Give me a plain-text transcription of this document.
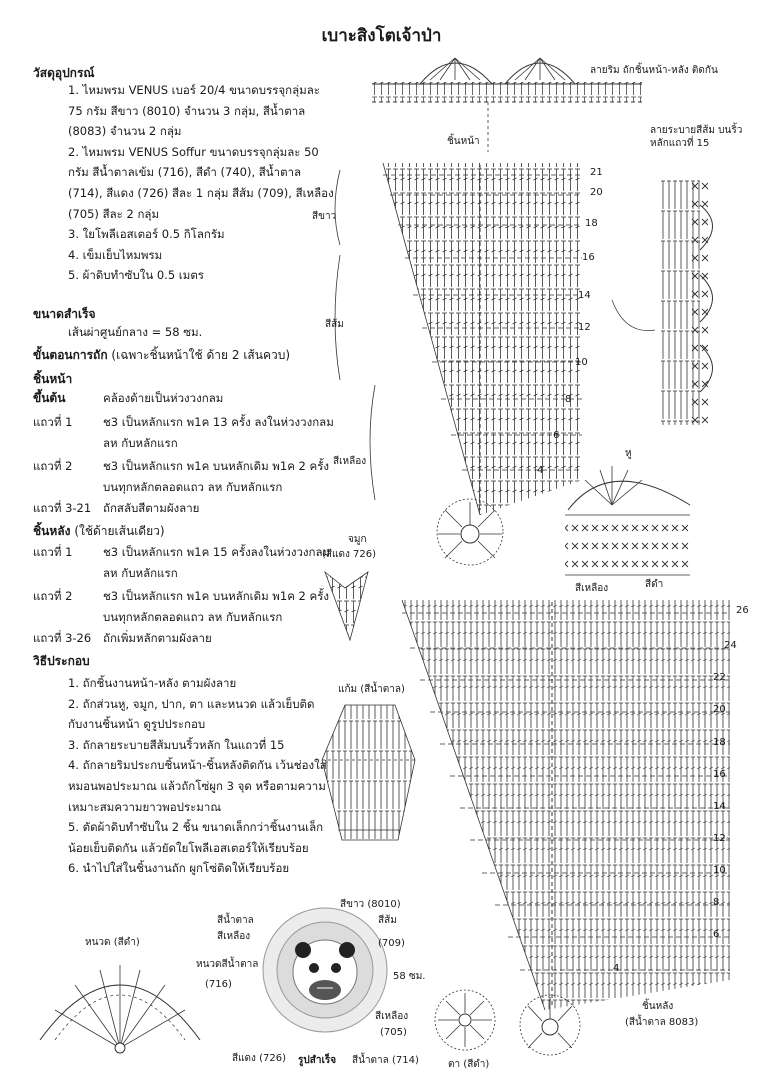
เบาะสิงโตเจ้าป่า
วัสดุอุปกรณ์
1. ไหมพรม VENUS เบอร์ 20/4 ขนาดบรรจุกลุ่มละ 75 กรัม สีขาว (8010) จำนวน 3 กลุ่ม, สีน้ำตาล (8083) จำนวน 2 กลุ่ม
2. ไหมพรม VENUS Soffur ขนาดบรรจุกลุ่มละ 50 กรัม สีน้ำตาลเข้ม (716), สีดำ (740), สีน้ำตาล (714), สีแดง (726) สีละ 1 กลุ่ม สีส้ม (709), สีเหลือง (705) สีละ 2 กลุ่ม
3. ใยโพลีเอสเตอร์ 0.5 กิโลกรัม
4. เข็มเย็บไหมพรม
5. ผ้าดิบทำซับใน 0.5 เมตร
ขนาดสำเร็จ
เส้นผ่าศูนย์กลาง = 58 ซม.
ขั้นตอนการถัก (เฉพาะชิ้นหน้าใช้ ด้าย 2 เส้นควบ)
ชิ้นหน้า
ขึ้นต้น	คล้องด้ายเป็นห่วงวงกลม
แถวที่ 1	ช3 เป็นหลักแรก พ1ค 13 ครั้ง ลงในห่วงวงกลม ลห กับหลักแรก
แถวที่ 2	ช3 เป็นหลักแรก พ1ค บนหลักเดิม พ1ค 2 ครั้งบนทุกหลักตลอดแถว ลห กับหลักแรก
แถวที่ 3-21	ถักสลับสีตามผังลาย
ชิ้นหลัง (ใช้ด้ายเส้นเดียว)
แถวที่ 1	ช3 เป็นหลักแรก พ1ค 15 ครั้งลงในห่วงวงกลม ลห กับหลักแรก
แถวที่ 2	ช3 เป็นหลักแรก พ1ค บนหลักเดิม พ1ค 2 ครั้ง บนทุกหลักตลอดแถว ลห กับหลักแรก
แถวที่ 3-26	ถักเพิ่มหลักตามผังลาย
วิธีประกอบ
1. ถักชิ้นงานหน้า-หลัง ตามผังลาย
2. ถักส่วนหู, จมูก, ปาก, ตา และหนวด แล้วเย็บติดกับงานชิ้นหน้า ดูรูปประกอบ
3. ถักลายระบายสีส้มบนริ้วหลัก ในแถวที่ 15
4. ถักลายริมประกบชิ้นหน้า-ชิ้นหลังติดกัน เว้นช่องใส่หมอนพอประมาณ แล้วถักโซ่ผูก 3 จุด หรือตามความเหมาะสมความยาวพอประมาณ
5. ตัดผ้าดิบทำซับใน 2 ชิ้น ขนาดเล็กกว่าชิ้นงานเล็กน้อยเย็บติดกัน แล้วยัดใยโพลีเอสเตอร์ให้เรียบร้อย
6. นำไปใส่ในชิ้นงานถัก ผูกโซ่ติดให้เรียบร้อย
ลายริม ถักชิ้นหน้า-หลัง ติดกัน
ชิ้นหน้า
ลายระบายสีส้ม บนริ้วหลักแถวที่ 15
สีขาว
สีส้ม
สีเหลือง
21
20
18
16
14
12
10
8
6
4
หู
สีเหลือง	สีดำ
จมูก
(สีแดง 726)
แก้ม (สีน้ำตาล)
26
24
22
20
18
16
14
12
10
8
6
4
ชิ้นหลัง
(สีน้ำตาล 8083)
ตา (สีดำ)
หนวด (สีดำ)
สีขาว (8010)
สีน้ำตาล
สีเหลือง
สีส้ม
(709)
หนวดสีน้ำตาล
(716)
58 ซม.
สีเหลือง
(705)
สีแดง (726) รูปสำเร็จ สีน้ำตาล (714)
